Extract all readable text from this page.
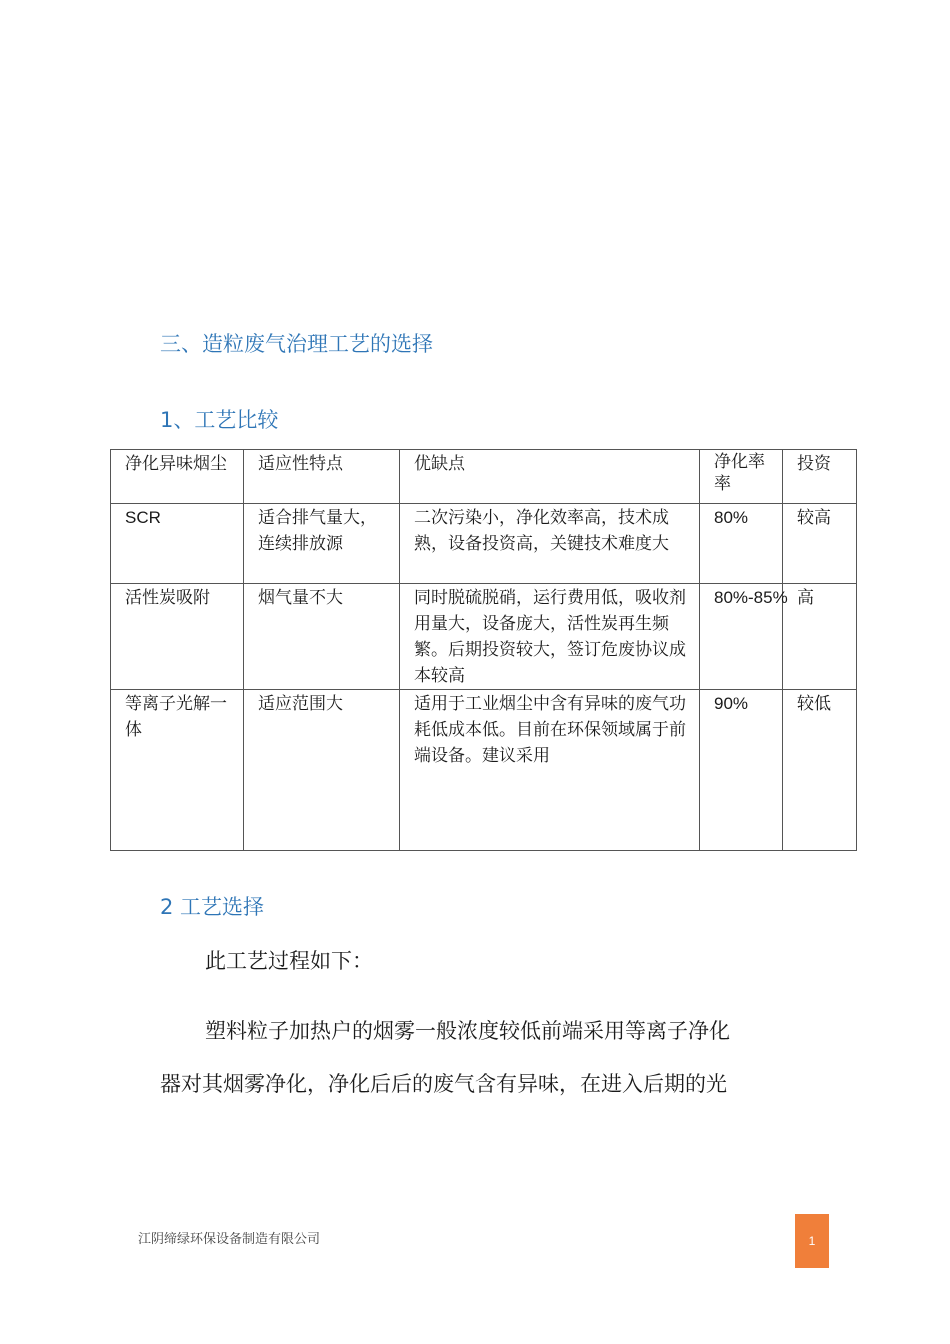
三、造粒废气治理工艺的选择
1、工艺比较
净化异味烟尘	适应性特点	优缺点	净化率率	投资
SCR	适合排气量大，连续排放源	二次污染小，净化效率高，技术成熟，设备投资高，关键技术难度大	80%	较高
活性炭吸附	烟气量不大	同时脱硫脱硝，运行费用低，吸收剂用量大，设备庞大，活性炭再生频繁。后期投资较大，签订危废协议成本较高	80%-85%	高
等离子光解一体	适应范围大	适用于工业烟尘中含有异味的废气功耗低成本低。目前在环保领域属于前端设备。建议采用	90%	较低
2 工艺选择

此工艺过程如下：

塑料粒子加热户的烟雾一般浓度较低前端采用等离子净化

器对其烟雾净化，净化后后的废气含有异味，在进入后期的光

江阴缔绿环保设备制造有限公司	1
